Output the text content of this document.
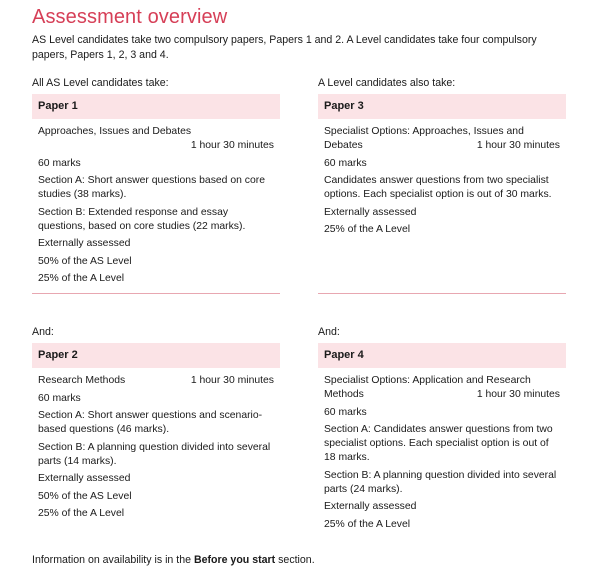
Assessment overview
AS Level candidates take two compulsory papers, Papers 1 and 2. A Level candidates take four compulsory papers, Papers 1, 2, 3 and 4.
All AS Level candidates take:	A Level candidates also take:
Paper 1
Approaches, Issues and Debates
1 hour 30 minutes
60 marks
Section A: Short answer questions based on core studies (38 marks).
Section B: Extended response and essay questions, based on core studies (22 marks).
Externally assessed
50% of the AS Level
25% of the A Level
Paper 3
Specialist Options: Approaches, Issues and Debates	1 hour 30 minutes
60 marks
Candidates answer questions from two specialist options. Each specialist option is out of 30 marks.
Externally assessed
25% of the A Level
And:	And:
Paper 2
Research Methods	1 hour 30 minutes
60 marks
Section A: Short answer questions and scenario-based questions (46 marks).
Section B: A planning question divided into several parts (14 marks).
Externally assessed
50% of the AS Level
25% of the A Level
Paper 4
Specialist Options: Application and Research Methods	1 hour 30 minutes
60 marks
Section A: Candidates answer questions from two specialist options. Each specialist option is out of 18 marks.
Section B: A planning question divided into several parts (24 marks).
Externally assessed
25% of the A Level
Information on availability is in the Before you start section.
